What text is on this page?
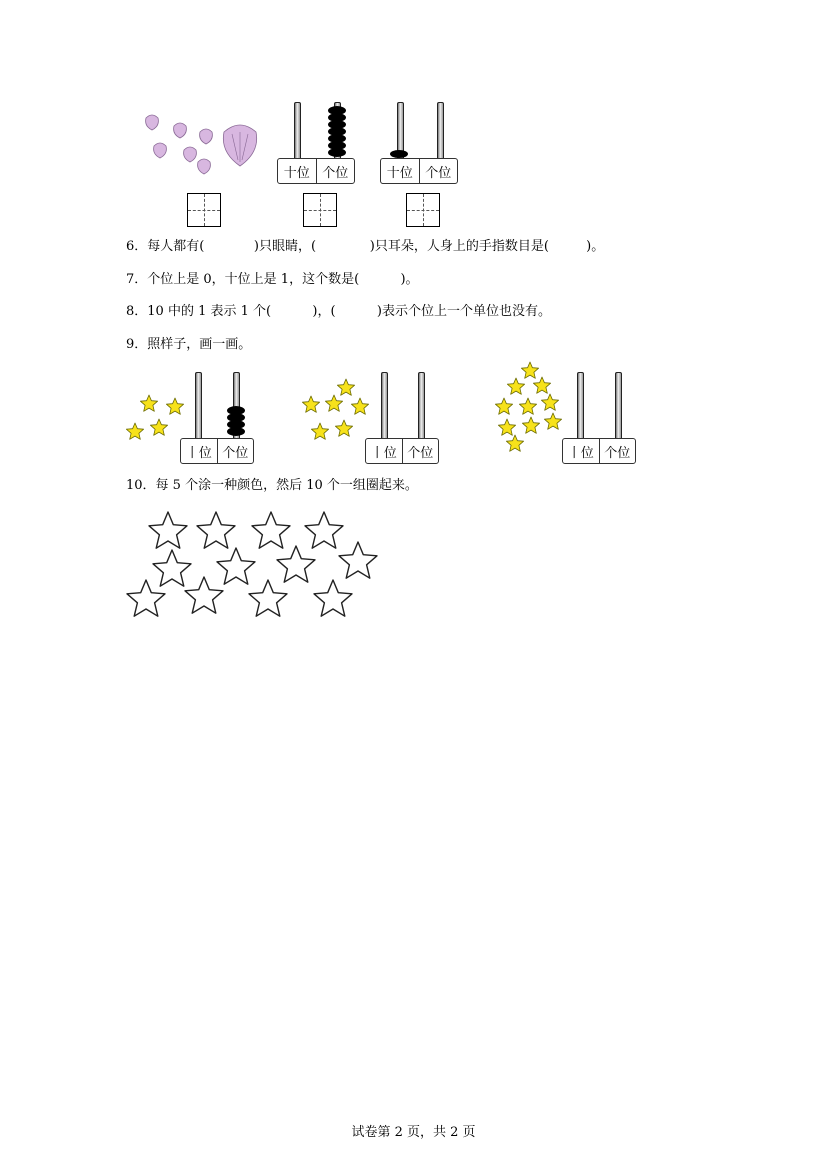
十位 个位	十位 个位
6．每人都有(            )只眼睛，(             )只耳朵，人身上的手指数目是(         )。
7．个位上是 0，十位上是 1，这个数是(          )。
8．10 中的 1 表示 1 个(          )，(          )表示个位上一个单位也没有。
9．照样子，画一画。
丨位 个位	丨位 个位	丨位 个位
10．每 5 个涂一种颜色，然后 10 个一组圈起来。
试卷第 2 页，共 2 页
